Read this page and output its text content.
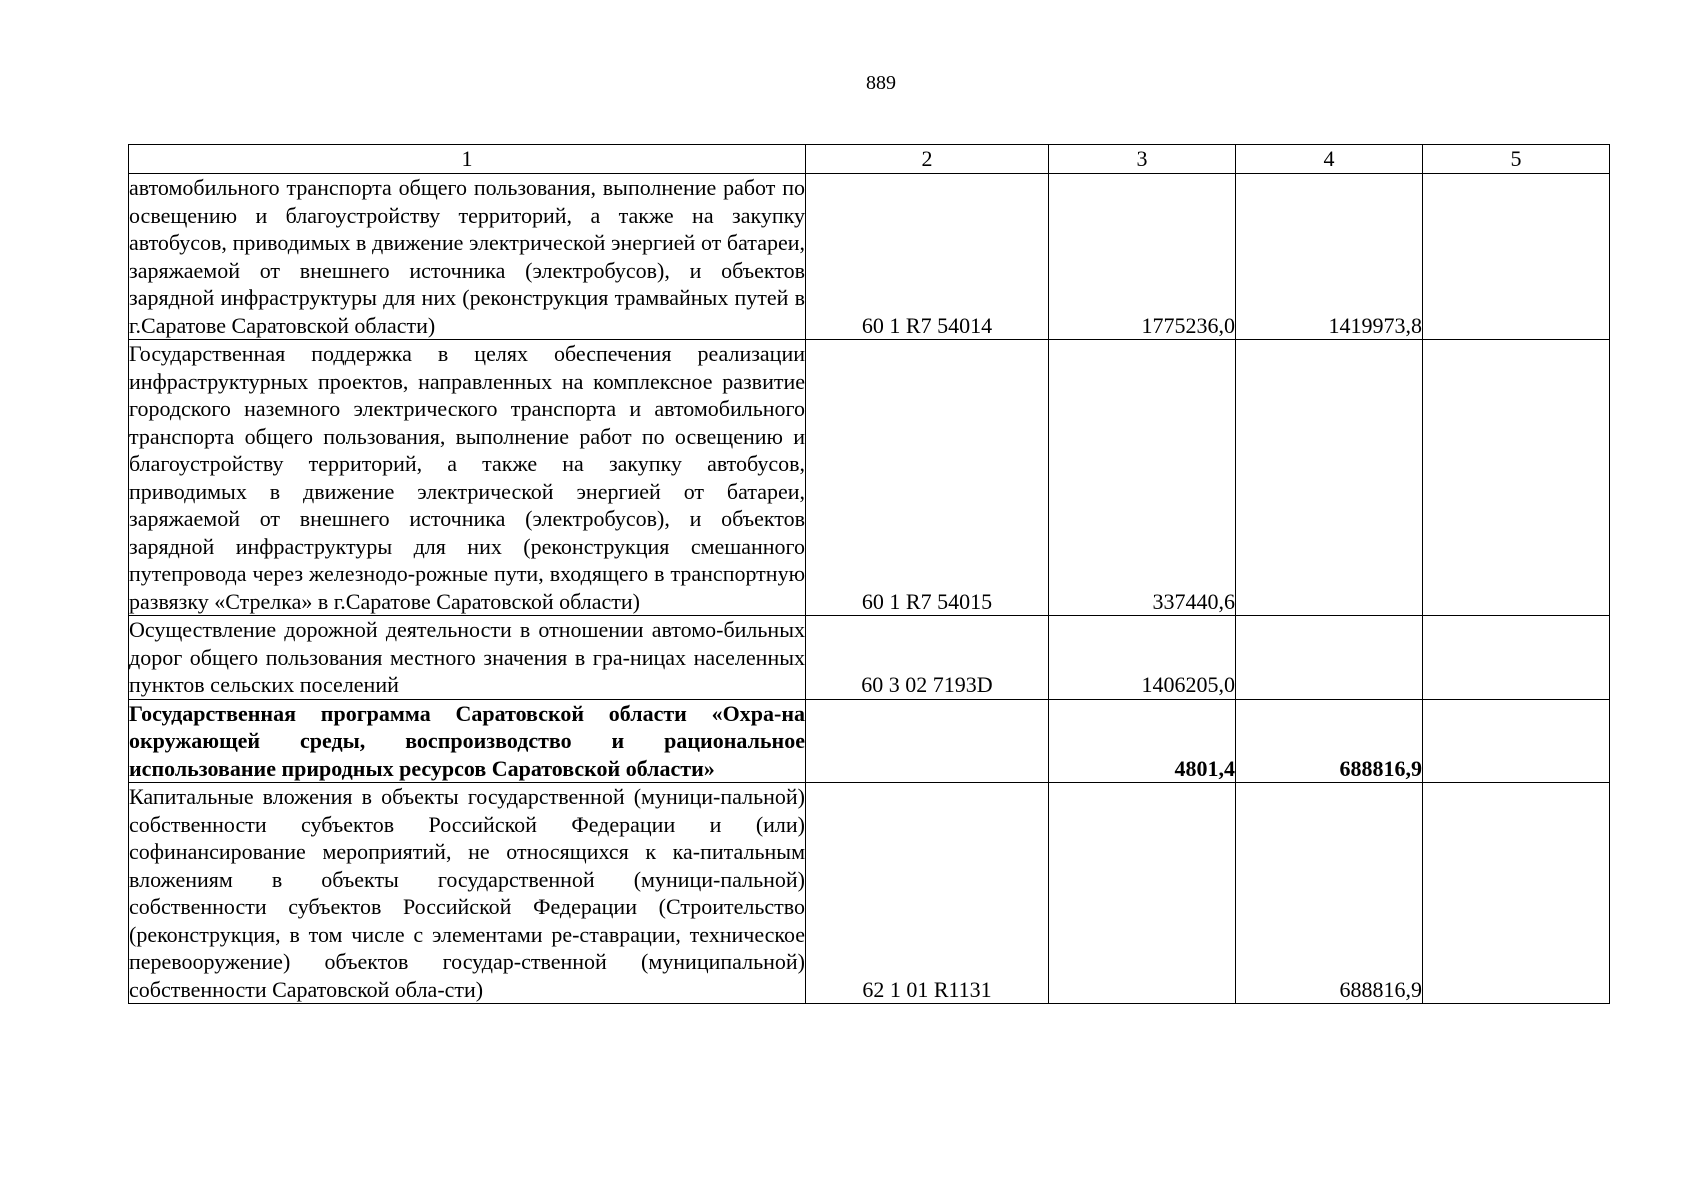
889
1	2	3	4	5
автомобильного транспорта общего пользования, выполнение работ по освещению и благоустройству территорий, а также на закупку автобусов, приводимых в движение электрической энергией от батареи, заряжаемой от внешнего источника (электробусов), и объектов зарядной инфраструктуры для них (реконструкция трамвайных путей в г.Саратове Саратовской области)	60 1 R7 54014	1775236,0	1419973,8	
Государственная поддержка в целях обеспечения реализации инфраструктурных проектов, направленных на комплексное развитие городского наземного электрического транспорта и автомобильного транспорта общего пользования, выполнение работ по освещению и благоустройству территорий, а также на закупку автобусов, приводимых в движение электрической энергией от батареи, заряжаемой от внешнего источника (электробусов), и объектов зарядной инфраструктуры для них (реконструкция смешанного путепровода через железнодо-рожные пути, входящего в транспортную развязку «Стрелка» в г.Саратове Саратовской области)	60 1 R7 54015	337440,6		
Осуществление дорожной деятельности в отношении автомо-бильных дорог общего пользования местного значения в гра-ницах населенных пунктов сельских поселений	60 3 02 7193D	1406205,0		
Государственная программа Саратовской области «Охра-на окружающей среды, воспроизводство и рациональное использование природных ресурсов Саратовской области»		4801,4	688816,9	
Капитальные вложения в объекты государственной (муници-пальной) собственности субъектов Российской Федерации и (или) софинансирование мероприятий, не относящихся к ка-питальным вложениям в объекты государственной (муници-пальной) собственности субъектов Российской Федерации (Строительство (реконструкция, в том числе с элементами ре-ставрации, техническое перевооружение) объектов государ-ственной (муниципальной) собственности Саратовской обла-сти)	62 1 01 R1131		688816,9	
